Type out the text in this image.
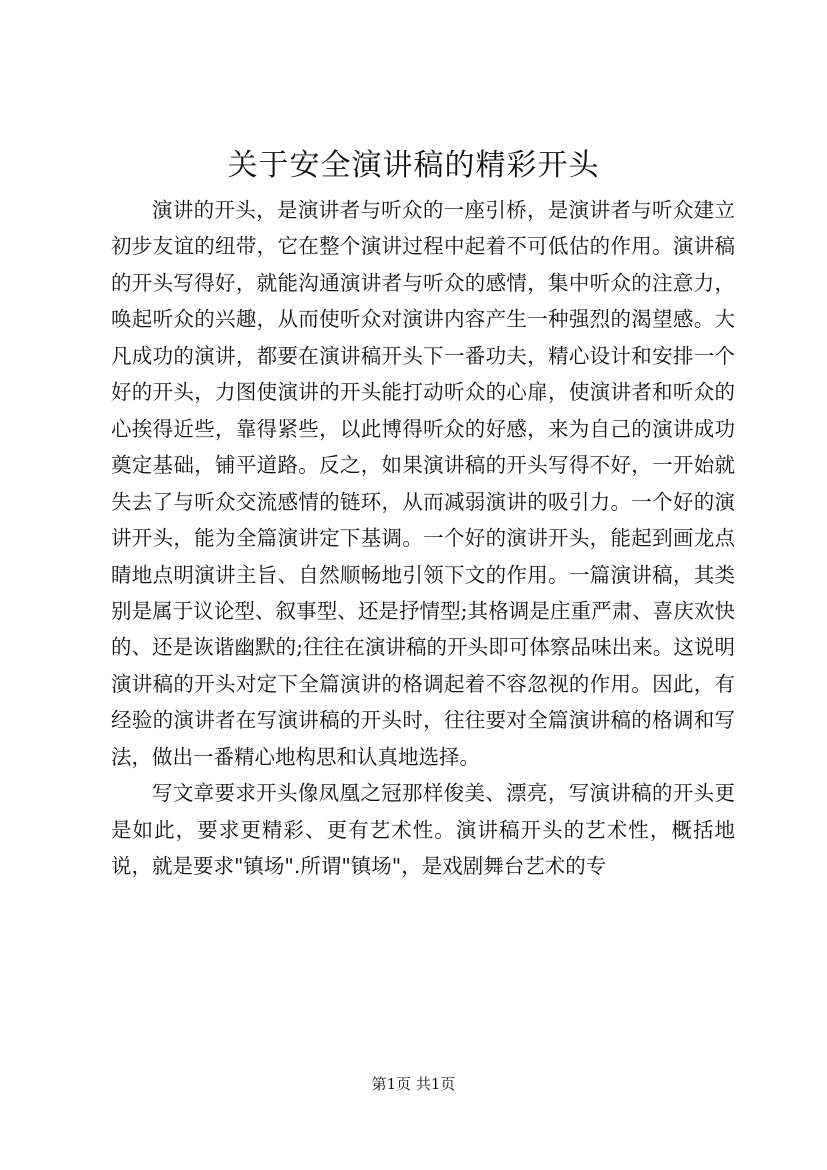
关于安全演讲稿的精彩开头

演讲的开头，是演讲者与听众的一座引桥，是演讲者与听众建立初步友谊的纽带，它在整个演讲过程中起着不可低估的作用。演讲稿的开头写得好，就能沟通演讲者与听众的感情，集中听众的注意力，唤起听众的兴趣，从而使听众对演讲内容产生一种强烈的渴望感。大凡成功的演讲，都要在演讲稿开头下一番功夫，精心设计和安排一个好的开头，力图使演讲的开头能打动听众的心扉，使演讲者和听众的心挨得近些，靠得紧些，以此博得听众的好感，来为自己的演讲成功奠定基础，铺平道路。反之，如果演讲稿的开头写得不好，一开始就失去了与听众交流感情的链环，从而减弱演讲的吸引力。一个好的演讲开头，能为全篇演讲定下基调。一个好的演讲开头，能起到画龙点睛地点明演讲主旨、自然顺畅地引领下文的作用。一篇演讲稿，其类别是属于议论型、叙事型、还是抒情型;其格调是庄重严肃、喜庆欢快的、还是诙谐幽默的;往往在演讲稿的开头即可体察品味出来。这说明演讲稿的开头对定下全篇演讲的格调起着不容忽视的作用。因此，有经验的演讲者在写演讲稿的开头时，往往要对全篇演讲稿的格调和写法，做出一番精心地构思和认真地选择。

写文章要求开头像凤凰之冠那样俊美、漂亮，写演讲稿的开头更是如此，要求更精彩、更有艺术性。演讲稿开头的艺术性，概括地说，就是要求"镇场".所谓"镇场"，是戏剧舞台艺术的专

第1页 共1页
